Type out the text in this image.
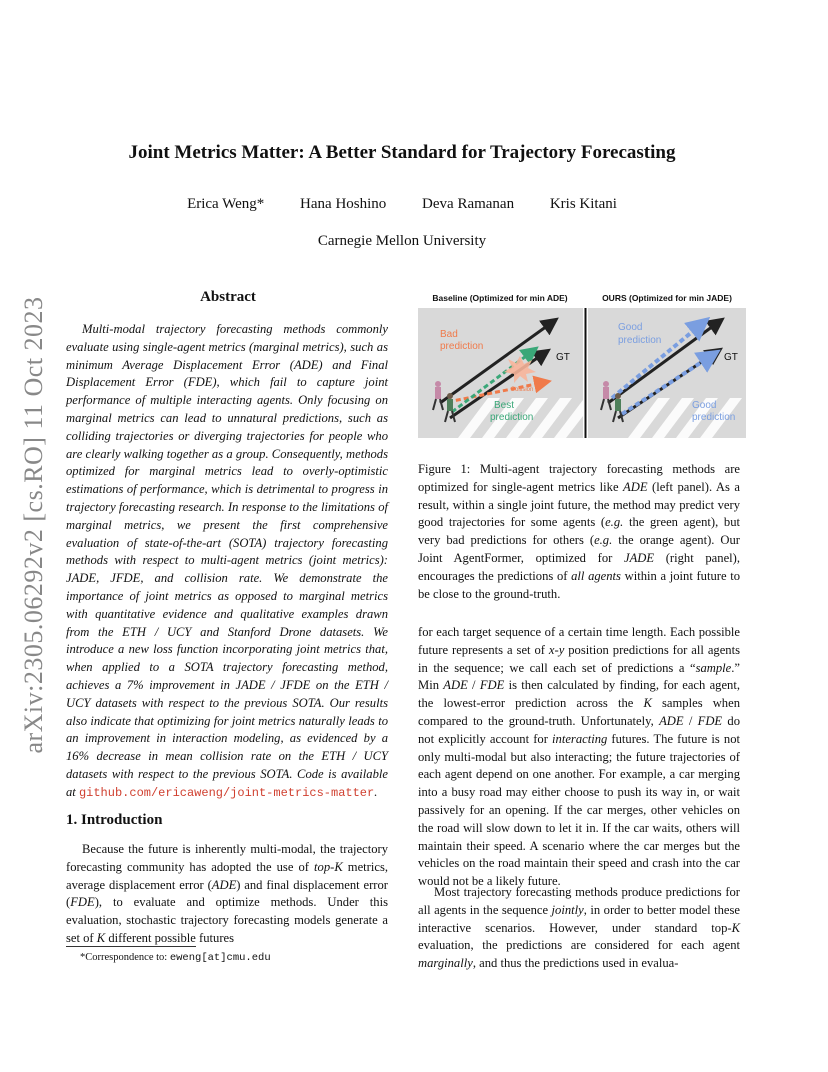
arXiv:2305.06292v2 [cs.RO] 11 Oct 2023
Joint Metrics Matter: A Better Standard for Trajectory Forecasting
Erica Weng* Hana Hoshino Deva Ramanan Kris Kitani
Carnegie Mellon University
Abstract

Multi-modal trajectory forecasting methods commonly evaluate using single-agent metrics (marginal metrics), such as minimum Average Displacement Error (ADE) and Final Displacement Error (FDE), which fail to capture joint performance of multiple interacting agents. Only focusing on marginal metrics can lead to unnatural predictions, such as colliding trajectories or diverging trajectories for people who are clearly walking together as a group. Consequently, methods optimized for marginal metrics lead to overly-optimistic estimations of performance, which is detrimental to progress in trajectory forecasting research. In response to the limitations of marginal metrics, we present the first comprehensive evaluation of state-of-the-art (SOTA) trajectory forecasting methods with respect to multi-agent metrics (joint metrics): JADE, JFDE, and collision rate. We demonstrate the importance of joint metrics as opposed to marginal metrics with quantitative evidence and qualitative examples drawn from the ETH / UCY and Stanford Drone datasets. We introduce a new loss function incorporating joint metrics that, when applied to a SOTA trajectory forecasting method, achieves a 7% improvement in JADE / JFDE on the ETH / UCY datasets with respect to the previous SOTA. Our results also indicate that optimizing for joint metrics naturally leads to an improvement in interaction modeling, as evidenced by a 16% decrease in mean collision rate on the ETH / UCY datasets with respect to the previous SOTA. Code is available at github.com/ericaweng/joint-metrics-matter.

1. Introduction

Because the future is inherently multi-modal, the trajectory forecasting community has adopted the use of top-K metrics, average displacement error (ADE) and final displacement error (FDE), to evaluate and optimize methods. Under this evaluation, stochastic trajectory forecasting models generate a set of K different possible futures

*Correspondence to: eweng[at]cmu.edu
Baseline (Optimized for min ADE)	OURS (Optimized for min JADE)
Collision
Bad prediction
GT
Best prediction
Good prediction
GT
Good prediction

Figure 1: Multi-agent trajectory forecasting methods are optimized for single-agent metrics like ADE (left panel). As a result, within a single joint future, the method may predict very good trajectories for some agents (e.g. the green agent), but very bad predictions for others (e.g. the orange agent). Our Joint AgentFormer, optimized for JADE (right panel), encourages the predictions of all agents within a joint future to be close to the ground-truth.

for each target sequence of a certain time length. Each possible future represents a set of x-y position predictions for all agents in the sequence; we call each set of predictions a “sample.” Min ADE / FDE is then calculated by finding, for each agent, the lowest-error prediction across the K samples when compared to the ground-truth. Unfortunately, ADE / FDE do not explicitly account for interacting futures. The future is not only multi-modal but also interacting; the future trajectories of each agent depend on one another. For example, a car merging into a busy road may either choose to push its way in, or wait passively for an opening. If the car merges, other vehicles on the road will slow down to let it in. If the car waits, others will maintain their speed. A scenario where the car merges but the vehicles on the road maintain their speed and crash into the car would not be a likely future.

Most trajectory forecasting methods produce predictions for all agents in the sequence jointly, in order to better model these interactive scenarios. However, under standard top-K evaluation, the predictions are considered for each agent marginally, and thus the predictions used in evalua-
